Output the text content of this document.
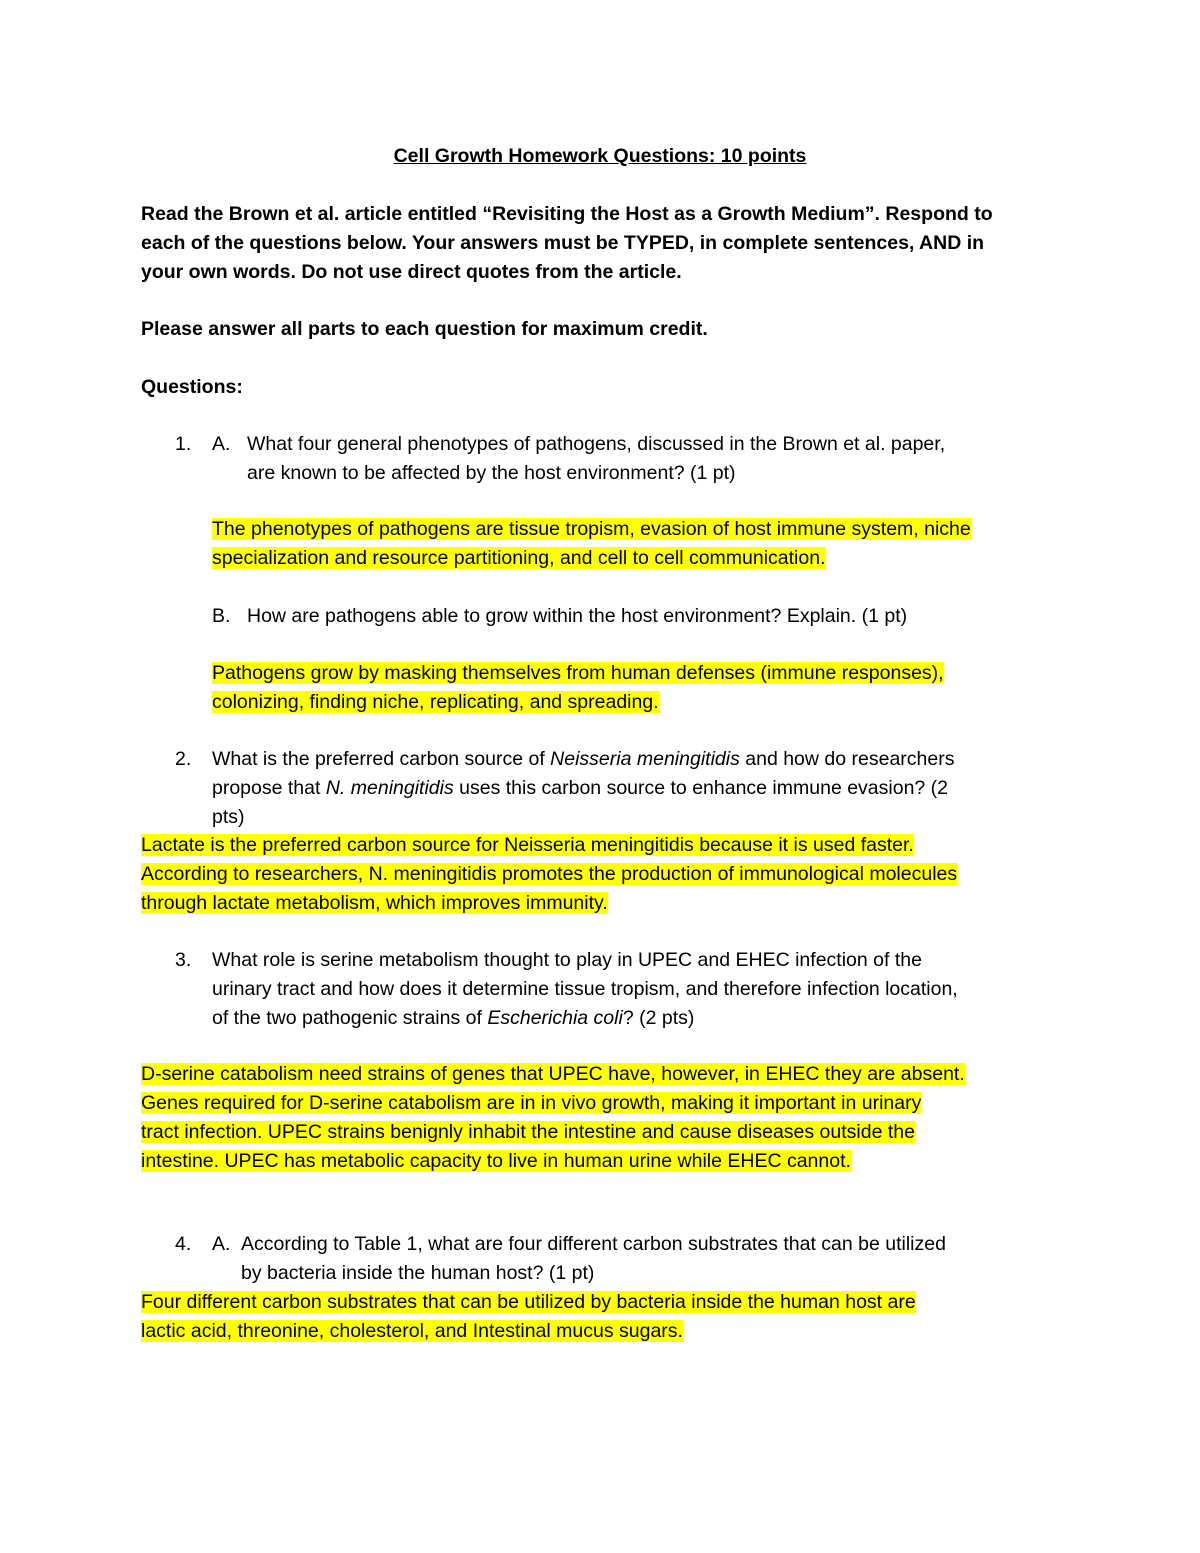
Cell Growth Homework Questions: 10 points
Read the Brown et al. article entitled “Revisiting the Host as a Growth Medium”. Respond to
each of the questions below. Your answers must be TYPED, in complete sentences, AND in
your own words. Do not use direct quotes from the article.
Please answer all parts to each question for maximum credit.
Questions:
1. A. What four general phenotypes of pathogens, discussed in the Brown et al. paper,
are known to be affected by the host environment? (1 pt)
The phenotypes of pathogens are tissue tropism, evasion of host immune system, niche
specialization and resource partitioning, and cell to cell communication.
B. How are pathogens able to grow within the host environment? Explain. (1 pt)
Pathogens grow by masking themselves from human defenses (immune responses),
colonizing, finding niche, replicating, and spreading.
2. What is the preferred carbon source of Neisseria meningitidis and how do researchers
propose that N. meningitidis uses this carbon source to enhance immune evasion? (2
pts)
Lactate is the preferred carbon source for Neisseria meningitidis because it is used faster.
According to researchers, N. meningitidis promotes the production of immunological molecules
through lactate metabolism, which improves immunity.
3. What role is serine metabolism thought to play in UPEC and EHEC infection of the
urinary tract and how does it determine tissue tropism, and therefore infection location,
of the two pathogenic strains of Escherichia coli? (2 pts)
D-serine catabolism need strains of genes that UPEC have, however, in EHEC they are absent.
Genes required for D-serine catabolism are in in vivo growth, making it important in urinary
tract infection. UPEC strains benignly inhabit the intestine and cause diseases outside the
intestine. UPEC has metabolic capacity to live in human urine while EHEC cannot.
4. A. According to Table 1, what are four different carbon substrates that can be utilized
by bacteria inside the human host? (1 pt)
Four different carbon substrates that can be utilized by bacteria inside the human host are
lactic acid, threonine, cholesterol, and Intestinal mucus sugars.
